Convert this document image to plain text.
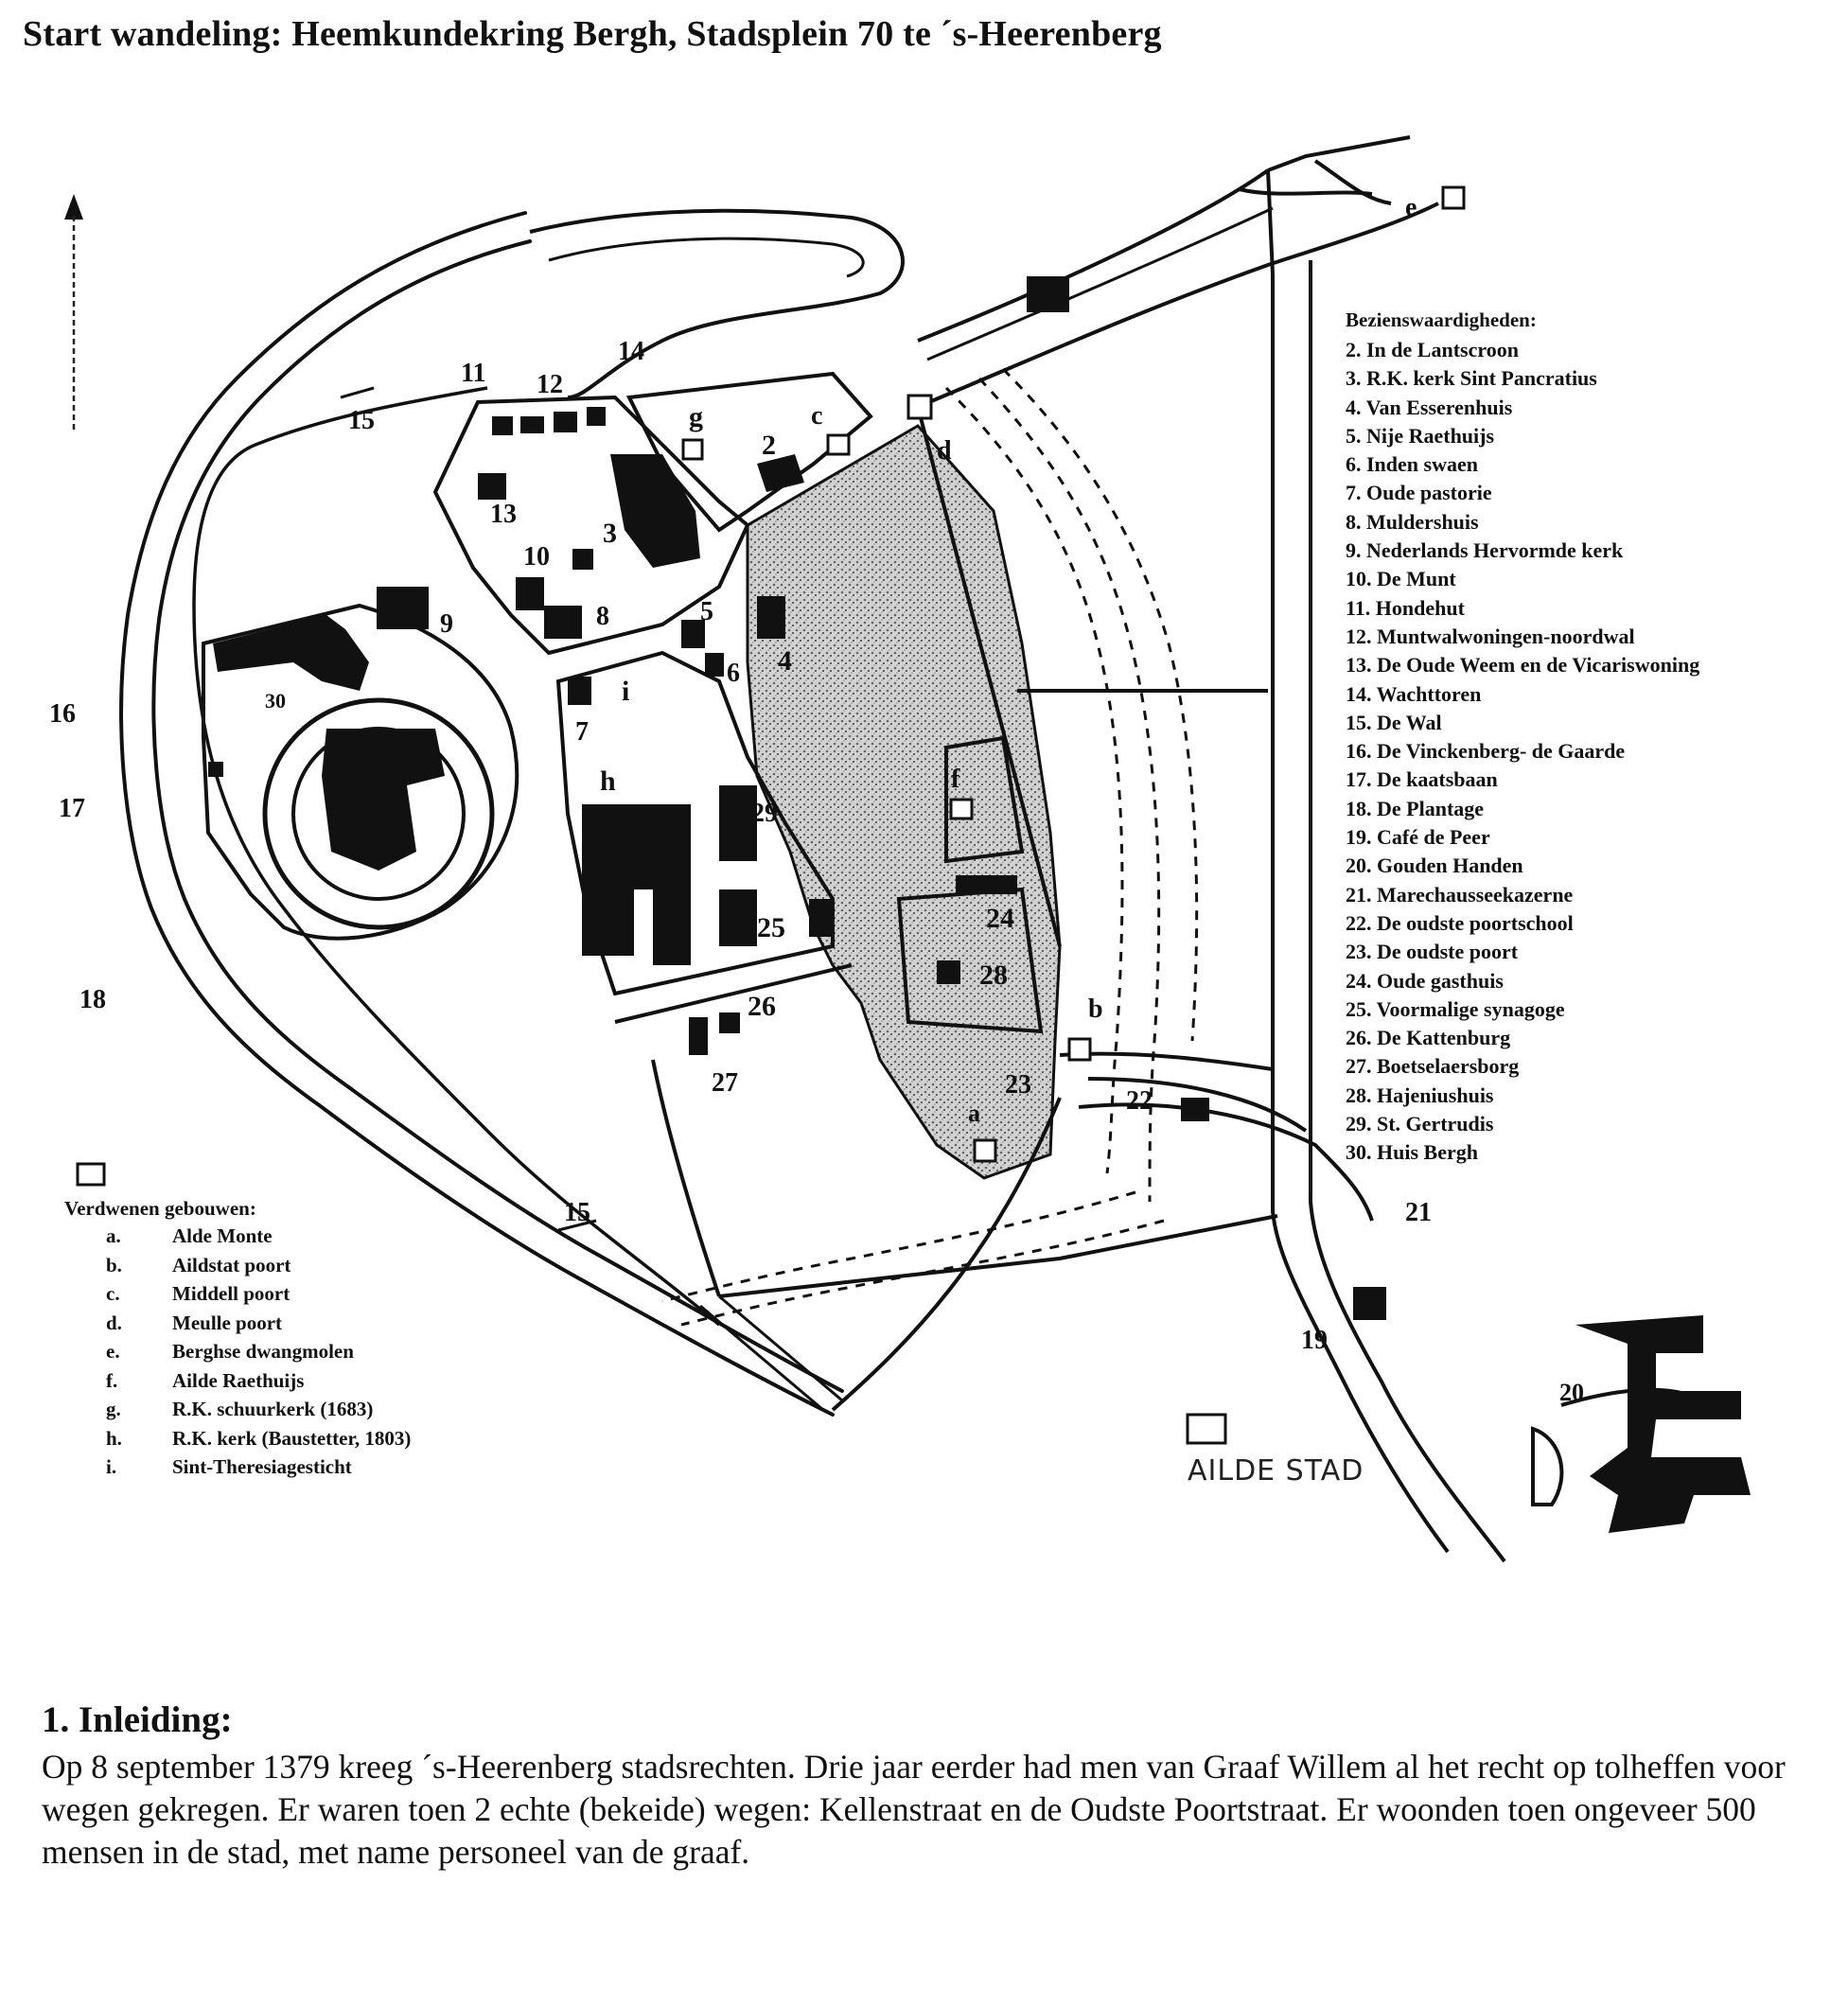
Start wandeling: Heemkundekring Bergh, Stadsplein 70 te ´s-Heerenberg
14
11 12
15	g	c
2	d
e
13
3
10
8
9	5
6 4
i
7
30
30
16
17
18
h
29
f
25	24
28
26
27	23
a
b
22
15	21
19
20
Bezienswaardigheden:
2. In de Lantscroon
3. R.K. kerk Sint Pancratius
4. Van Esserenhuis
5. Nije Raethuijs
6. Inden swaen
7. Oude pastorie
8. Muldershuis
9. Nederlands Hervormde kerk
10. De Munt
11. Hondehut
12. Muntwalwoningen-noordwal
13. De Oude Weem en de Vicariswoning
14. Wachttoren
15. De Wal
16. De Vinckenberg- de Gaarde
17. De kaatsbaan
18. De Plantage
19. Café de Peer
20. Gouden Handen
21. Marechausseekazerne
22. De oudste poortschool
23. De oudste poort
24. Oude gasthuis
25. Voormalige synagoge
26. De Kattenburg
27. Boetselaersborg
28. Hajeniushuis
29. St. Gertrudis
30. Huis Bergh
Verdwenen gebouwen:
a.	Alde Monte
b.	Aildstat poort
c.	Middell poort
d.	Meulle poort
e.	Berghse dwangmolen
f.	Ailde Raethuijs
g.	R.K. schuurkerk (1683)
h.	R.K. kerk (Baustetter, 1803)
i.	Sint-Theresiagesticht	AILDE STAD
1. Inleiding:

Op 8 september 1379 kreeg ´s-Heerenberg stadsrechten. Drie jaar eerder had men van Graaf Willem al het recht op tolheffen voor wegen gekregen. Er waren toen 2 echte (bekeide) wegen: Kellenstraat en de Oudste Poortstraat. Er woonden toen ongeveer 500 mensen in de stad, met name personeel van de graaf.
